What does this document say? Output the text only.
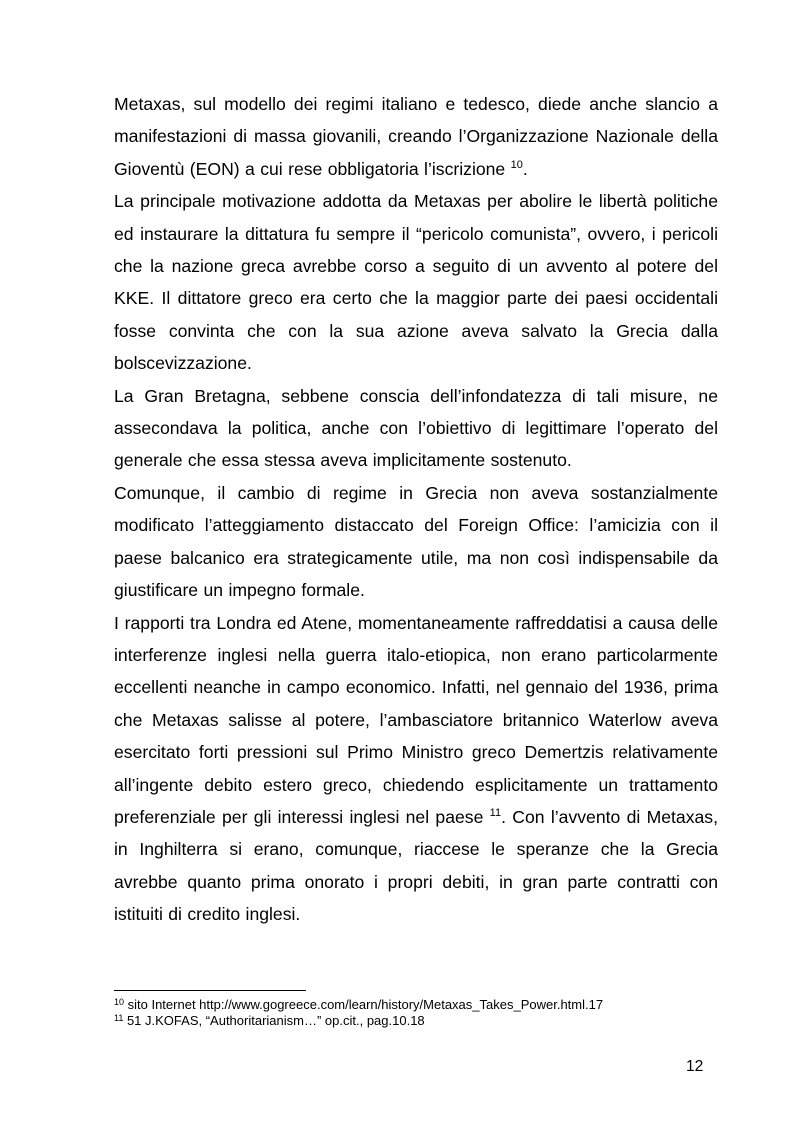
Metaxas, sul modello dei regimi italiano e tedesco, diede anche slancio a manifestazioni di massa giovanili, creando l’Organizzazione Nazionale della Gioventù (EON) a cui rese obbligatoria l’iscrizione $^{10}$.

La principale motivazione addotta da Metaxas per abolire le libertà politiche ed instaurare la dittatura fu sempre il “pericolo comunista”, ovvero, i pericoli che la nazione greca avrebbe corso a seguito di un avvento al potere del KKE. Il dittatore greco era certo che la maggior parte dei paesi occidentali fosse convinta che con la sua azione aveva salvato la Grecia dalla bolscevizzazione.

La Gran Bretagna, sebbene conscia dell’infondatezza di tali misure, ne assecondava la politica, anche con l’obiettivo di legittimare l’operato del generale che essa stessa aveva implicitamente sostenuto.

Comunque, il cambio di regime in Grecia non aveva sostanzialmente modificato l’atteggiamento distaccato del Foreign Office: l’amicizia con il paese balcanico era strategicamente utile, ma non così indispensabile da giustificare un impegno formale.

I rapporti tra Londra ed Atene, momentaneamente raffreddatisi a causa delle interferenze inglesi nella guerra italo-etiopica, non erano particolarmente eccellenti neanche in campo economico. Infatti, nel gennaio del 1936, prima che Metaxas salisse al potere, l’ambasciatore britannico Waterlow aveva esercitato forti pressioni sul Primo Ministro greco Demertzis relativamente all’ingente debito estero greco, chiedendo esplicitamente un trattamento preferenziale per gli interessi inglesi nel paese $^{11}$. Con l’avvento di Metaxas, in Inghilterra si erano, comunque, riaccese le speranze che la Grecia avrebbe quanto prima onorato i propri debiti, in gran parte contratti con istituiti di credito inglesi.

$^{10}$ sito Internet http://www.gogreece.com/learn/history/Metaxas_Takes_Power.html.17

$^{11}$ 51 J.KOFAS, “Authoritarianism…” op.cit., pag.10.18

12
